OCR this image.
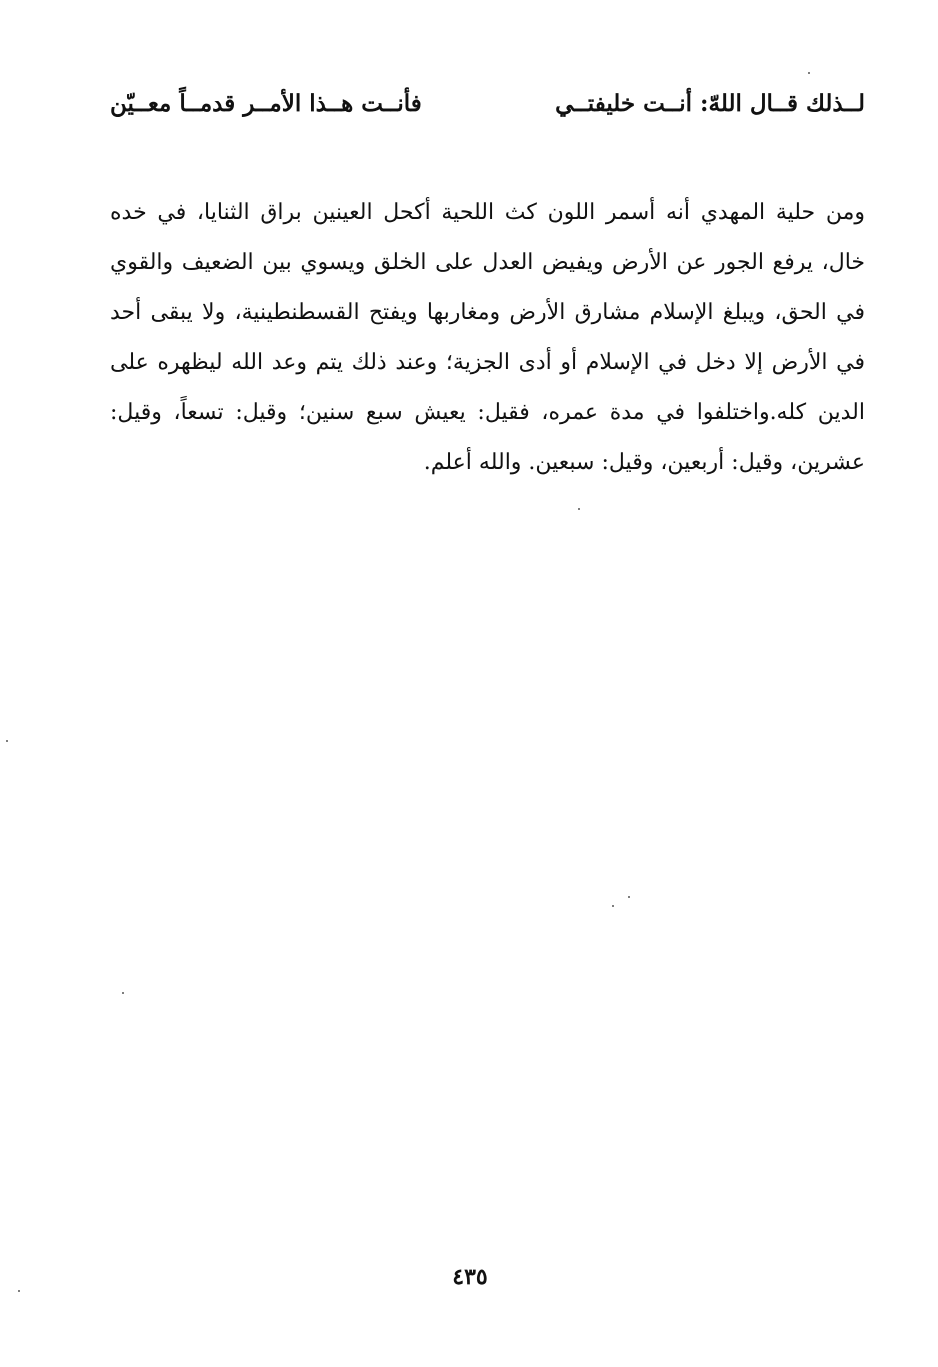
لــذلك قــال اللهّ: أنــت خليفتــي
فأنــت هــذا الأمــر قدمــاً معــيّن

ومن حلية المهدي أنه أسمر اللون كث اللحية أكحل العينين براق الثنايا، في خده خال، يرفع الجور عن الأرض ويفيض العدل على الخلق ويسوي بين الضعيف والقوي في الحق، ويبلغ الإسلام مشارق الأرض ومغاربها ويفتح القسطنطينية، ولا يبقى أحد في الأرض إلا دخل في الإسلام أو أدى الجزية؛ وعند ذلك يتم وعد الله ليظهره على الدين كله.واختلفوا في مدة عمره، فقيل: يعيش سبع سنين؛ وقيل: تسعاً، وقيل: عشرين، وقيل: أربعين، وقيل: سبعين. والله أعلم.

٤٣٥
